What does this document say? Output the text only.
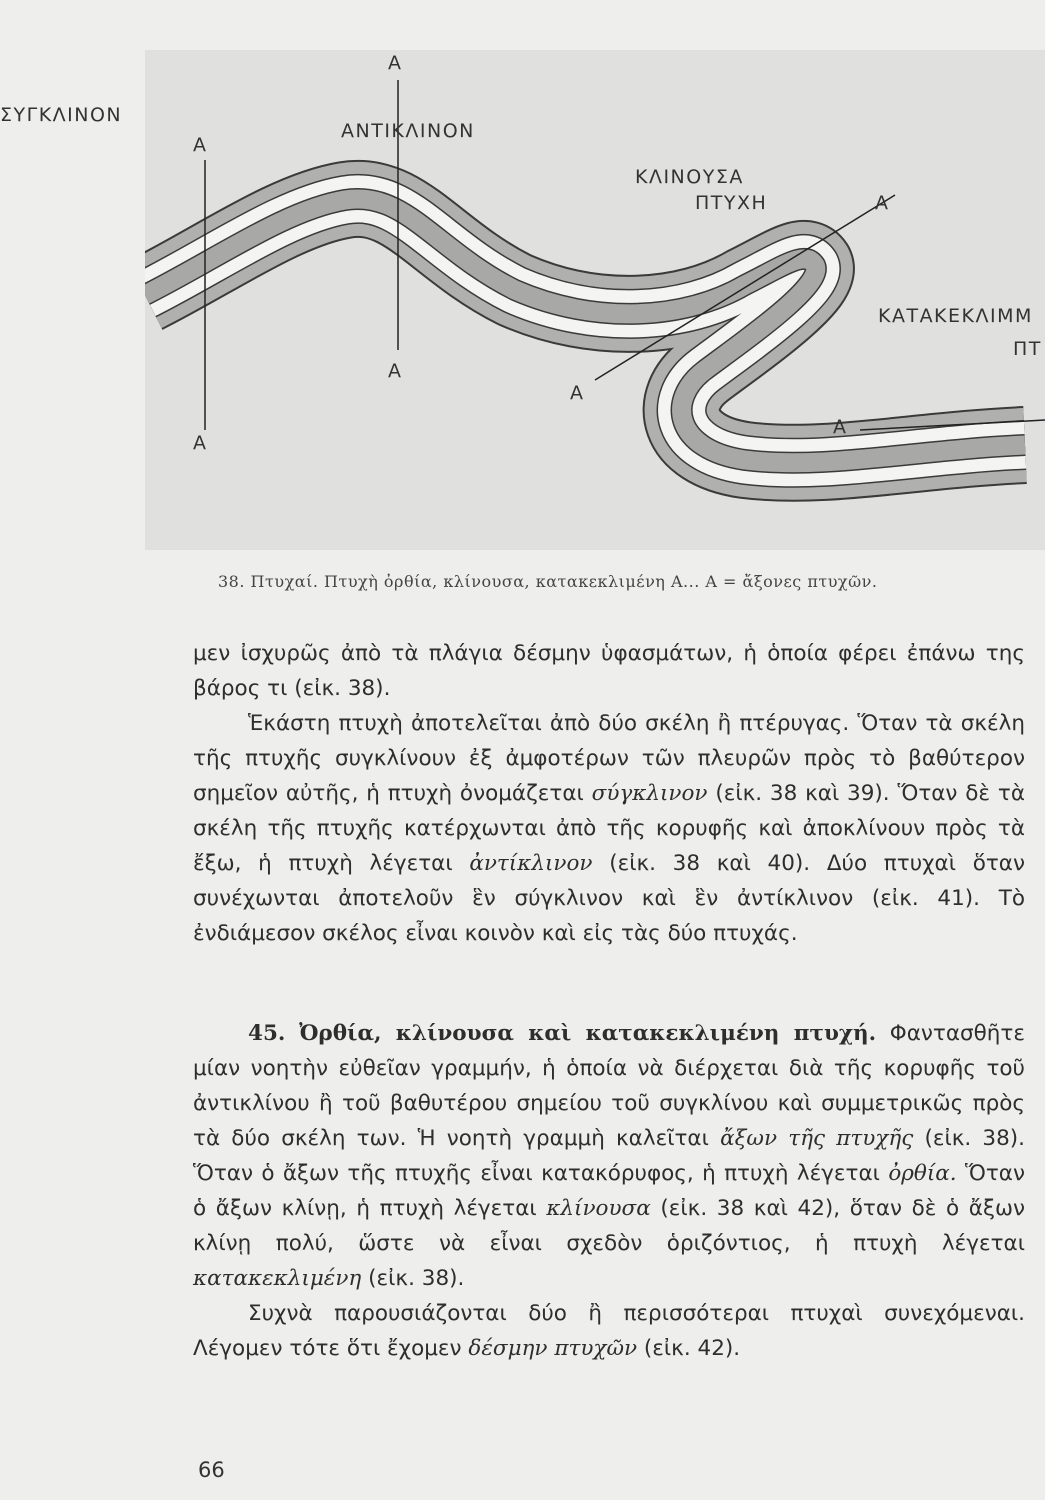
ΣΥΓΚΛΙΝΟΝ
Α
Α
ΑΝΤΙΚΛΙΝΟΝ
Α
Α
ΚΛΙΝΟΥΣΑ
ΠΤΥΧΗ	Α
Α
ΚΑΤΑΚΕΚΛΙΜΜ
ΠΤ
Α
38. Πτυχαί. Πτυχὴ ὀρθία, κλίνουσα, κατακεκλιμένη Α... Α = ἄξονες πτυχῶν.

μεν ἰσχυρῶς ἀπὸ τὰ πλάγια δέσμην ὑφασμάτων, ἡ ὁποία φέρει ἐπάνω της βάρος τι (εἰκ. 38).

Ἑκάστη πτυχὴ ἀποτελεῖται ἀπὸ δύο σκέλη ἢ πτέρυγας. Ὅταν τὰ σκέλη τῆς πτυχῆς συγκλίνουν ἐξ ἀμφοτέρων τῶν πλευρῶν πρὸς τὸ βαθύτερον σημεῖον αὐτῆς, ἡ πτυχὴ ὀνομάζεται σύγκλινον (εἰκ. 38 καὶ 39). Ὅταν δὲ τὰ σκέλη τῆς πτυχῆς κατέρχωνται ἀπὸ τῆς κορυφῆς καὶ ἀποκλίνουν πρὸς τὰ ἔξω, ἡ πτυχὴ λέγεται ἀντίκλινον (εἰκ. 38 καὶ 40). Δύο πτυχαὶ ὅταν συνέχωνται ἀποτελοῦν ἓν σύγκλινον καὶ ἓν ἀντίκλινον (εἰκ. 41). Τὸ ἐνδιάμεσον σκέλος εἶναι κοινὸν καὶ εἰς τὰς δύο πτυχάς.

45. Ὀρθία, κλίνουσα καὶ κατακεκλιμένη πτυχή. Φαντασθῆτε μίαν νοητὴν εὐθεῖαν γραμμήν, ἡ ὁποία νὰ διέρχεται διὰ τῆς κορυφῆς τοῦ ἀντικλίνου ἢ τοῦ βαθυτέρου σημείου τοῦ συγκλίνου καὶ συμμετρικῶς πρὸς τὰ δύο σκέλη των. Ἡ νοητὴ γραμμὴ καλεῖται ἄξων τῆς πτυχῆς (εἰκ. 38). Ὅταν ὁ ἄξων τῆς πτυχῆς εἶναι κατακόρυφος, ἡ πτυχὴ λέγεται ὀρθία. Ὅταν ὁ ἄξων κλίνῃ, ἡ πτυχὴ λέγεται κλίνουσα (εἰκ. 38 καὶ 42), ὅταν δὲ ὁ ἄξων κλίνῃ πολύ, ὥστε νὰ εἶναι σχεδὸν ὁριζόντιος, ἡ πτυχὴ λέγεται κατακεκλιμένη (εἰκ. 38).

Συχνὰ παρουσιάζονται δύο ἢ περισσότεραι πτυχαὶ συνεχόμεναι. Λέγομεν τότε ὅτι ἔχομεν δέσμην πτυχῶν (εἰκ. 42).

66
